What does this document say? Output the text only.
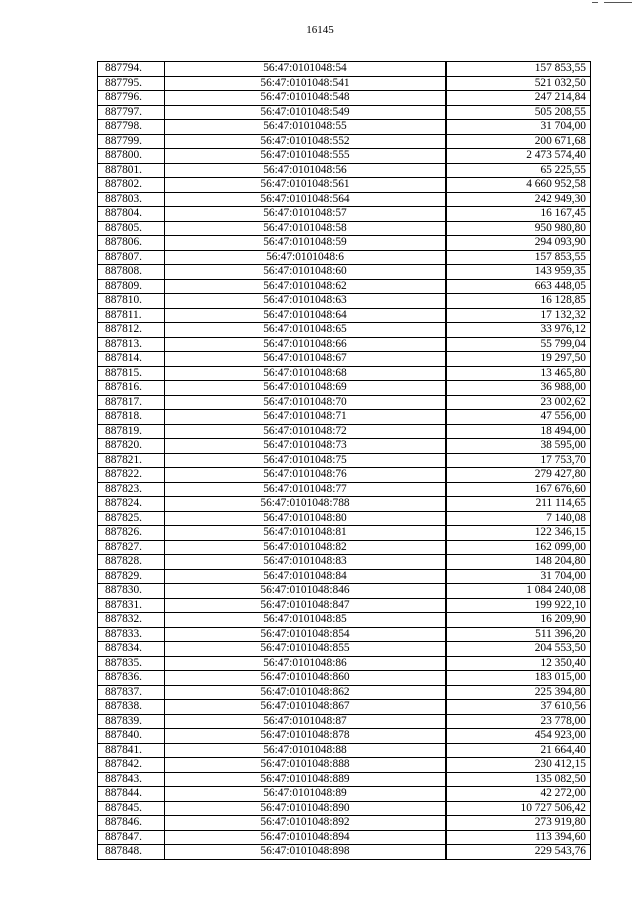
16145
887794.	56:47:0101048:54		157 853,55
887795.	56:47:0101048:541		521 032,50
887796.	56:47:0101048:548		247 214,84
887797.	56:47:0101048:549		505 208,55
887798.	56:47:0101048:55		31 704,00
887799.	56:47:0101048:552		200 671,68
887800.	56:47:0101048:555		2 473 574,40
887801.	56:47:0101048:56		65 225,55
887802.	56:47:0101048:561		4 660 952,58
887803.	56:47:0101048:564		242 949,30
887804.	56:47:0101048:57		16 167,45
887805.	56:47:0101048:58		950 980,80
887806.	56:47:0101048:59		294 093,90
887807.	56:47:0101048:6		157 853,55
887808.	56:47:0101048:60		143 959,35
887809.	56:47:0101048:62		663 448,05
887810.	56:47:0101048:63		16 128,85
887811.	56:47:0101048:64		17 132,32
887812.	56:47:0101048:65		33 976,12
887813.	56:47:0101048:66		55 799,04
887814.	56:47:0101048:67		19 297,50
887815.	56:47:0101048:68		13 465,80
887816.	56:47:0101048:69		36 988,00
887817.	56:47:0101048:70		23 002,62
887818.	56:47:0101048:71		47 556,00
887819.	56:47:0101048:72		18 494,00
887820.	56:47:0101048:73		38 595,00
887821.	56:47:0101048:75		17 753,70
887822.	56:47:0101048:76		279 427,80
887823.	56:47:0101048:77		167 676,60
887824.	56:47:0101048:788		211 114,65
887825.	56:47:0101048:80		7 140,08
887826.	56:47:0101048:81		122 346,15
887827.	56:47:0101048:82		162 099,00
887828.	56:47:0101048:83		148 204,80
887829.	56:47:0101048:84		31 704,00
887830.	56:47:0101048:846		1 084 240,08
887831.	56:47:0101048:847		199 922,10
887832.	56:47:0101048:85		16 209,90
887833.	56:47:0101048:854		511 396,20
887834.	56:47:0101048:855		204 553,50
887835.	56:47:0101048:86		12 350,40
887836.	56:47:0101048:860		183 015,00
887837.	56:47:0101048:862		225 394,80
887838.	56:47:0101048:867		37 610,56
887839.	56:47:0101048:87		23 778,00
887840.	56:47:0101048:878		454 923,00
887841.	56:47:0101048:88		21 664,40
887842.	56:47:0101048:888		230 412,15
887843.	56:47:0101048:889		135 082,50
887844.	56:47:0101048:89		42 272,00
887845.	56:47:0101048:890		10 727 506,42
887846.	56:47:0101048:892		273 919,80
887847.	56:47:0101048:894		113 394,60
887848.	56:47:0101048:898		229 543,76
